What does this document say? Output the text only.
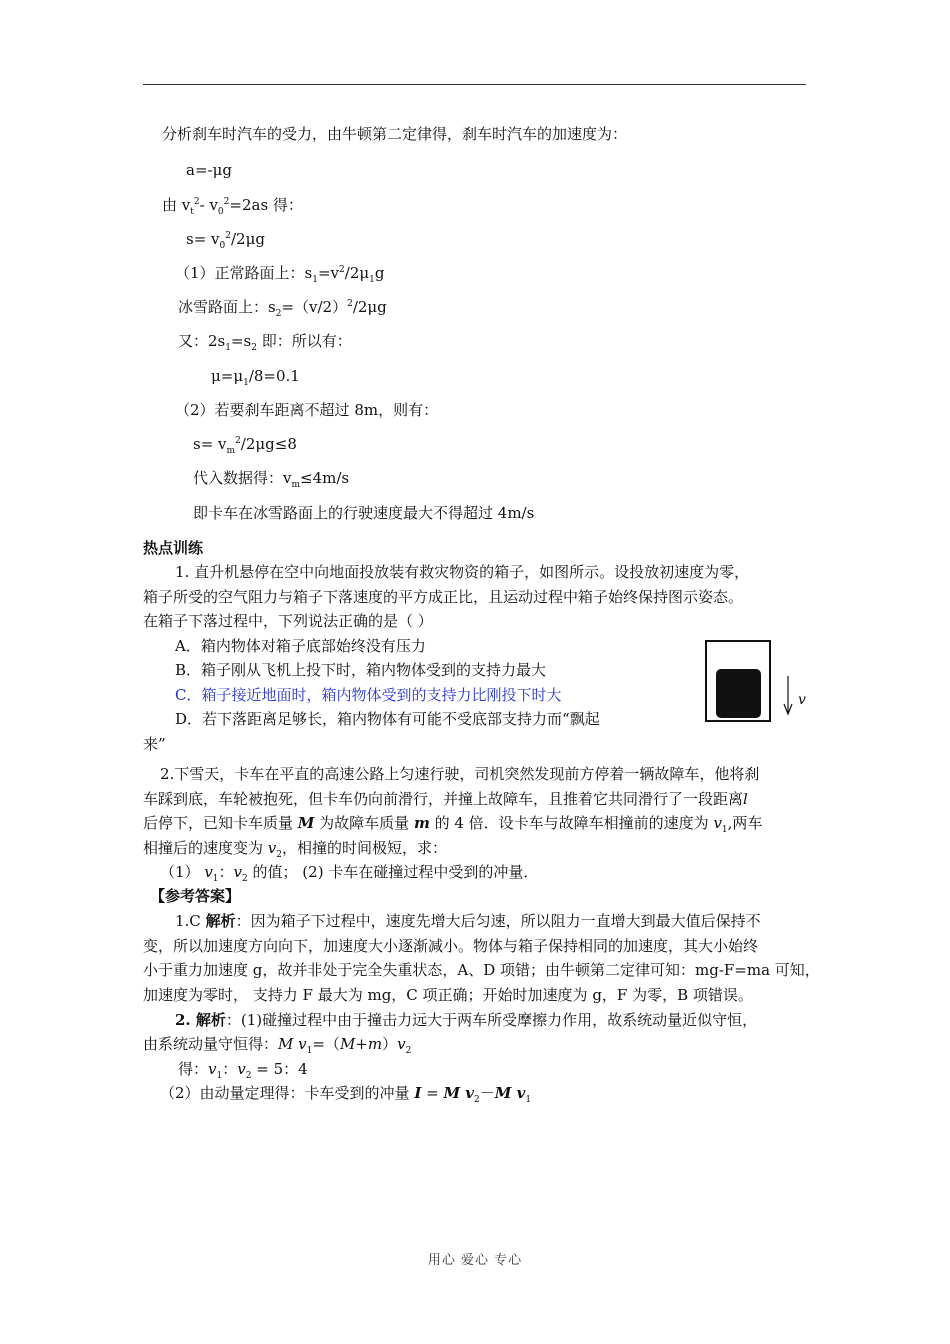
分析刹车时汽车的受力，由牛顿第二定律得，刹车时汽车的加速度为：
a=-μg
由 $v_t^2-$ $v_0^2=2as$ 得：
$s= v_0^2/2\mu g$
（1）正常路面上：$s_1=v^2/2\mu_1g$
冰雪路面上：$s_2=(v/2)^2/2\mu g$
又：$2s_1=s_2$ 即：所以有：
$\mu=\mu_1/8=0.1$
（2）若要刹车距离不超过 8m，则有：
$s= v_m^2/2\mu g\le 8$
代入数据得：$v_m\le 4m/s$
即卡车在冰雪路面上的行驶速度最大不得超过 4m/s
热点训练
1. 直升机悬停在空中向地面投放装有救灾物资的箱子，如图所示。设投放初速度为零，
箱子所受的空气阻力与箱子下落速度的平方成正比，且运动过程中箱子始终保持图示姿态。
在箱子下落过程中，下列说法正确的是（ ）
A．箱内物体对箱子底部始终没有压力
B．箱子刚从飞机上投下时，箱内物体受到的支持力最大
C．箱子接近地面时，箱内物体受到的支持力比刚投下时大
D．若下落距离足够长，箱内物体有可能不受底部支持力而“飘起
来”
v
2.下雪天，卡车在平直的高速公路上匀速行驶，司机突然发现前方停着一辆故障车，他将刹
车踩到底，车轮被抱死，但卡车仍向前滑行，并撞上故障车，且推着它共同滑行了一段距离l
后停下，已知卡车质量 M 为故障车质量 m 的 4 倍．设卡车与故障车相撞前的速度为 $v_1$,两车
相撞后的速度变为 $v_2$，相撞的时间极短，求：
（1） $v_1$：$v_2$ 的值； (2) 卡车在碰撞过程中受到的冲量．
【参考答案】
1.C 解析：因为箱子下过程中，速度先增大后匀速，所以阻力一直增大到最大值后保持不
变，所以加速度方向向下，加速度大小逐渐减小。物体与箱子保持相同的加速度，其大小始终
小于重力加速度 g，故并非处于完全失重状态，A、D 项错；由牛顿第二定律可知：mg-F=ma 可知，
加速度为零时， 支持力 F 最大为 mg，C 项正确；开始时加速度为 g，F 为零，B 项错误。
2. 解析：(1)碰撞过程中由于撞击力远大于两车所受摩擦力作用，故系统动量近似守恒，
由系统动量守恒得：M $v_1=(M+m)v_2$
得：$v_1$：$v_2 = 5$：4
（2）由动量定理得：卡车受到的冲量 I = M $v_2-M$ $v_1$
用心 爱心 专心
